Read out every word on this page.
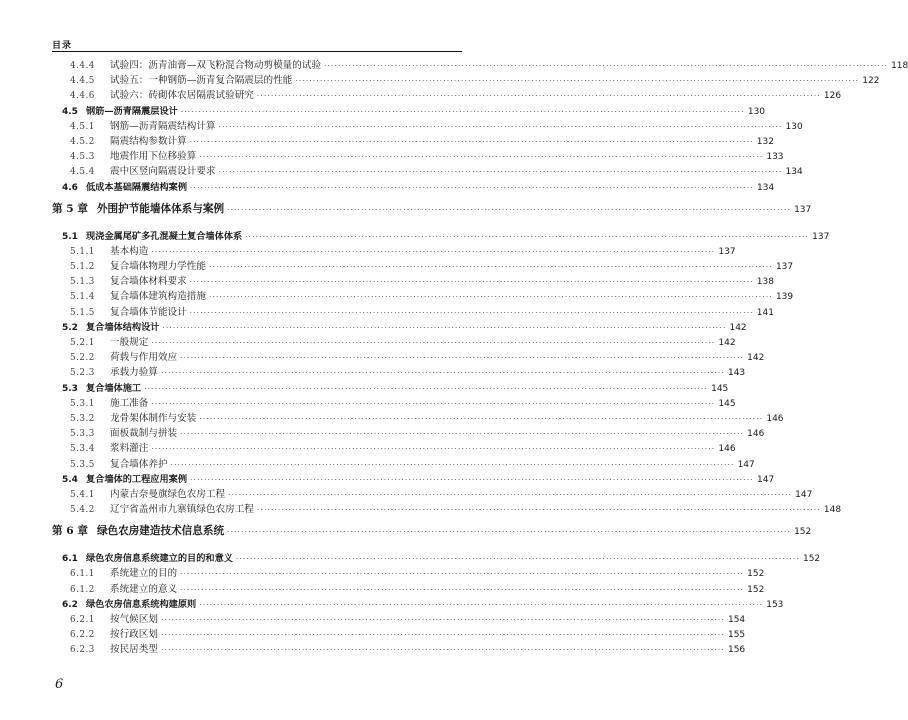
目录
4.4.4	试验四：沥青油膏—双飞粉混合物动剪模量的试验 ································································································································································ 118
4.4.5	试验五：一种钢筋—沥青复合隔震层的性能 ································································································································································ 122
4.4.6	试验六：砖砌体农居隔震试验研究 ································································································································································ 126
4.5 钢筋—沥青隔震层设计 ································································································································································ 130
4.5.1	钢筋—沥青隔震结构计算 ································································································································································ 130
4.5.2	隔震结构参数计算 ································································································································································ 132
4.5.3	地震作用下位移验算 ································································································································································ 133
4.5.4	震中区竖向隔震设计要求 ································································································································································ 134
4.6 低成本基础隔震结构案例 ································································································································································ 134
第 5 章 外围护节能墙体体系与案例 ································································································································································ 137
5.1 现浇金属尾矿多孔混凝土复合墙体体系 ································································································································································ 137
5.1.1	基本构造 ································································································································································ 137
5.1.2	复合墙体物理力学性能 ································································································································································ 137
5.1.3	复合墙体材料要求 ································································································································································ 138
5.1.4	复合墙体建筑构造措施 ································································································································································ 139
5.1.5	复合墙体节能设计 ································································································································································ 141
5.2 复合墙体结构设计 ································································································································································ 142
5.2.1	一般规定 ································································································································································ 142
5.2.2	荷载与作用效应 ································································································································································ 142
5.2.3	承载力验算 ································································································································································ 143
5.3 复合墙体施工 ································································································································································ 145
5.3.1	施工准备 ································································································································································ 145
5.3.2	龙骨架体制作与安装 ································································································································································ 146
5.3.3	面板裁制与拼装 ································································································································································ 146
5.3.4	浆料灌注 ································································································································································ 146
5.3.5	复合墙体养护 ································································································································································ 147
5.4 复合墙体的工程应用案例 ································································································································································ 147
5.4.1	内蒙古奈曼旗绿色农房工程 ································································································································································ 147
5.4.2	辽宁省盖州市九寨镇绿色农房工程 ································································································································································ 148
第 6 章 绿色农房建造技术信息系统 ································································································································································ 152
6.1 绿色农房信息系统建立的目的和意义 ································································································································································ 152
6.1.1	系统建立的目的 ································································································································································ 152
6.1.2	系统建立的意义 ································································································································································ 152
6.2 绿色农房信息系统构建原则 ································································································································································ 153
6.2.1	按气候区划 ································································································································································ 154
6.2.2	按行政区划 ································································································································································ 155
6.2.3	按民居类型 ································································································································································ 156
6
